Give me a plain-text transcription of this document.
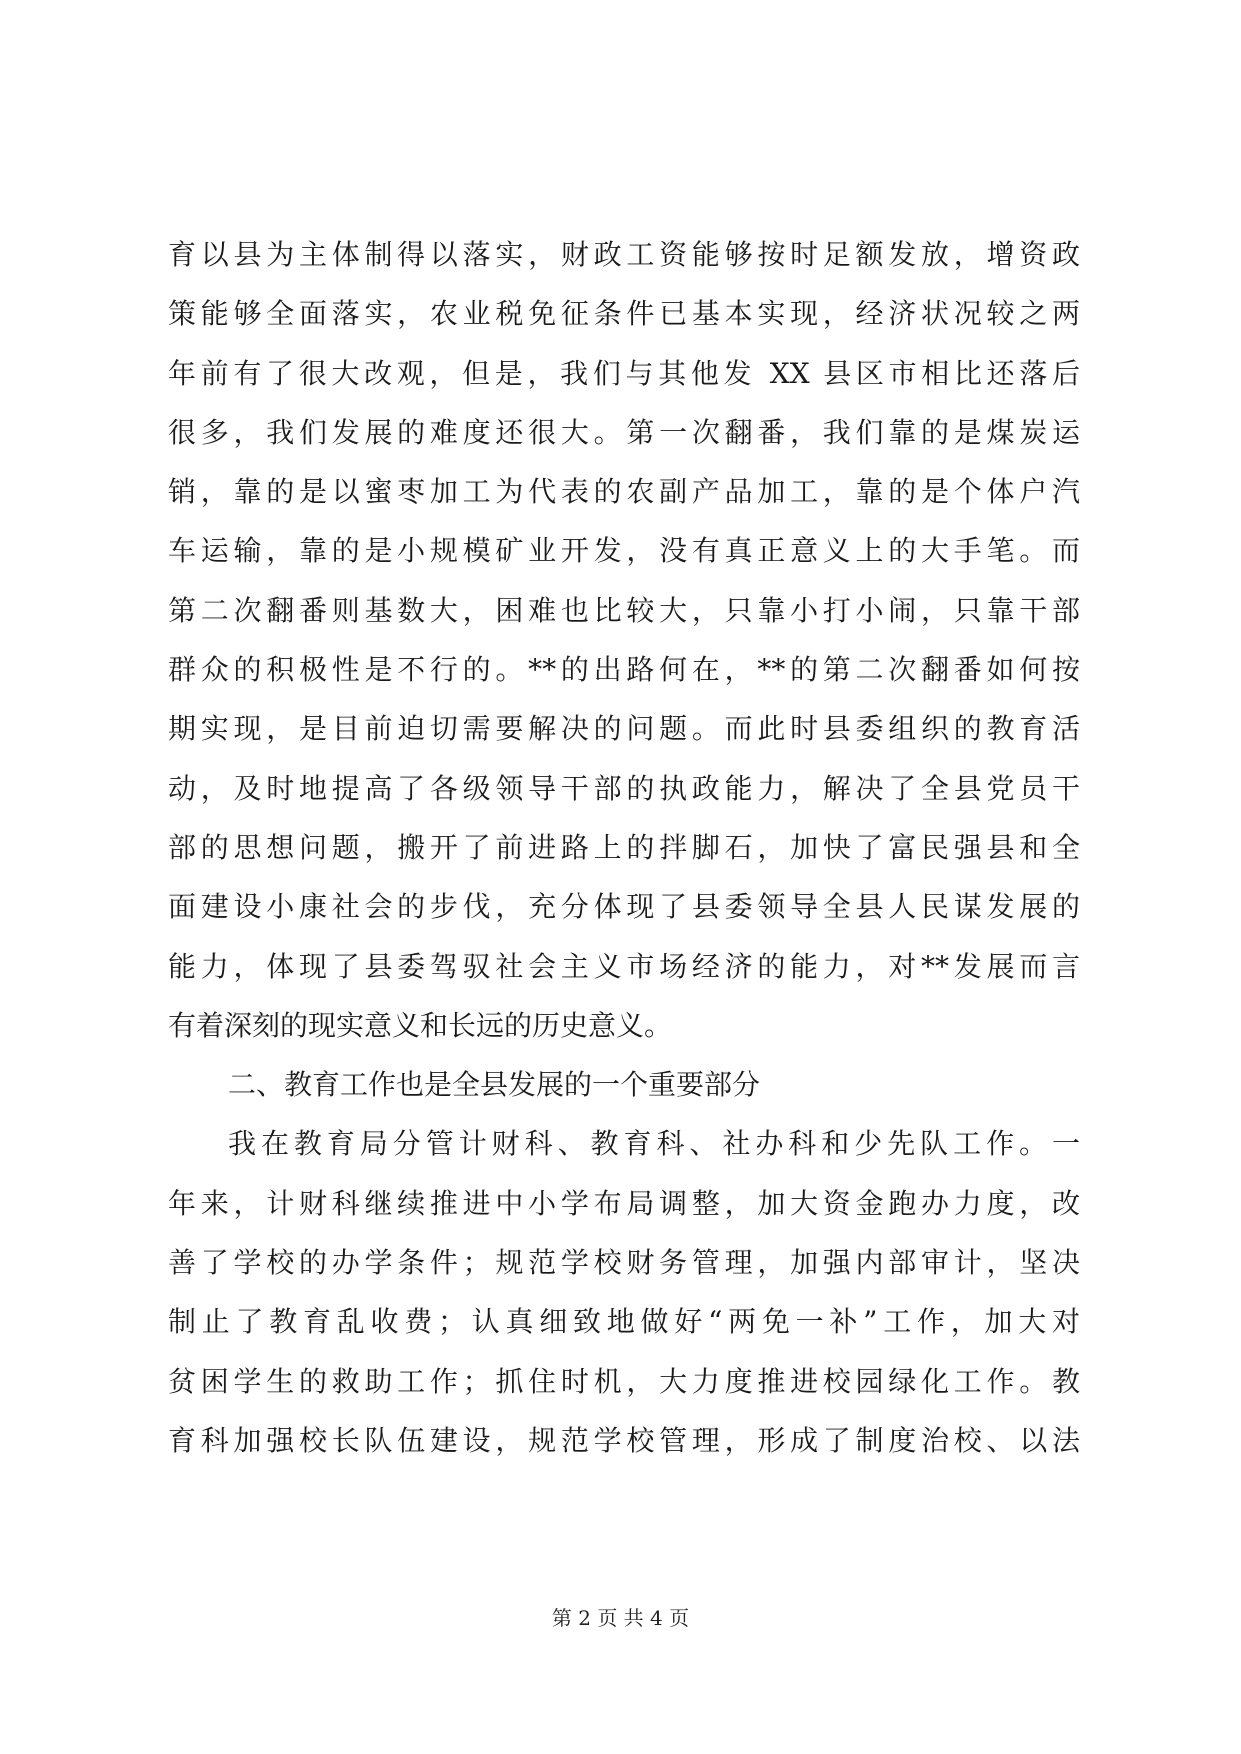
育以县为主体制得以落实，财政工资能够按时足额发放，增资政
策能够全面落实，农业税免征条件已基本实现，经济状况较之两
年前有了很大改观，但是，我们与其他发 XX 县区市相比还落后
很多，我们发展的难度还很大。第一次翻番，我们靠的是煤炭运
销，靠的是以蜜枣加工为代表的农副产品加工，靠的是个体户汽
车运输，靠的是小规模矿业开发，没有真正意义上的大手笔。而
第二次翻番则基数大，困难也比较大，只靠小打小闹，只靠干部
群众的积极性是不行的。**的出路何在，**的第二次翻番如何按
期实现，是目前迫切需要解决的问题。而此时县委组织的教育活
动，及时地提高了各级领导干部的执政能力，解决了全县党员干
部的思想问题，搬开了前进路上的拌脚石，加快了富民强县和全
面建设小康社会的步伐，充分体现了县委领导全县人民谋发展的
能力，体现了县委驾驭社会主义市场经济的能力，对**发展而言
有着深刻的现实意义和长远的历史意义。
二、教育工作也是全县发展的一个重要部分
我在教育局分管计财科、教育科、社办科和少先队工作。一
年来，计财科继续推进中小学布局调整，加大资金跑办力度，改
善了学校的办学条件；规范学校财务管理，加强内部审计，坚决
制止了教育乱收费；认真细致地做好“两免一补”工作，加大对
贫困学生的救助工作；抓住时机，大力度推进校园绿化工作。教
育科加强校长队伍建设，规范学校管理，形成了制度治校、以法
第 2 页 共 4 页
